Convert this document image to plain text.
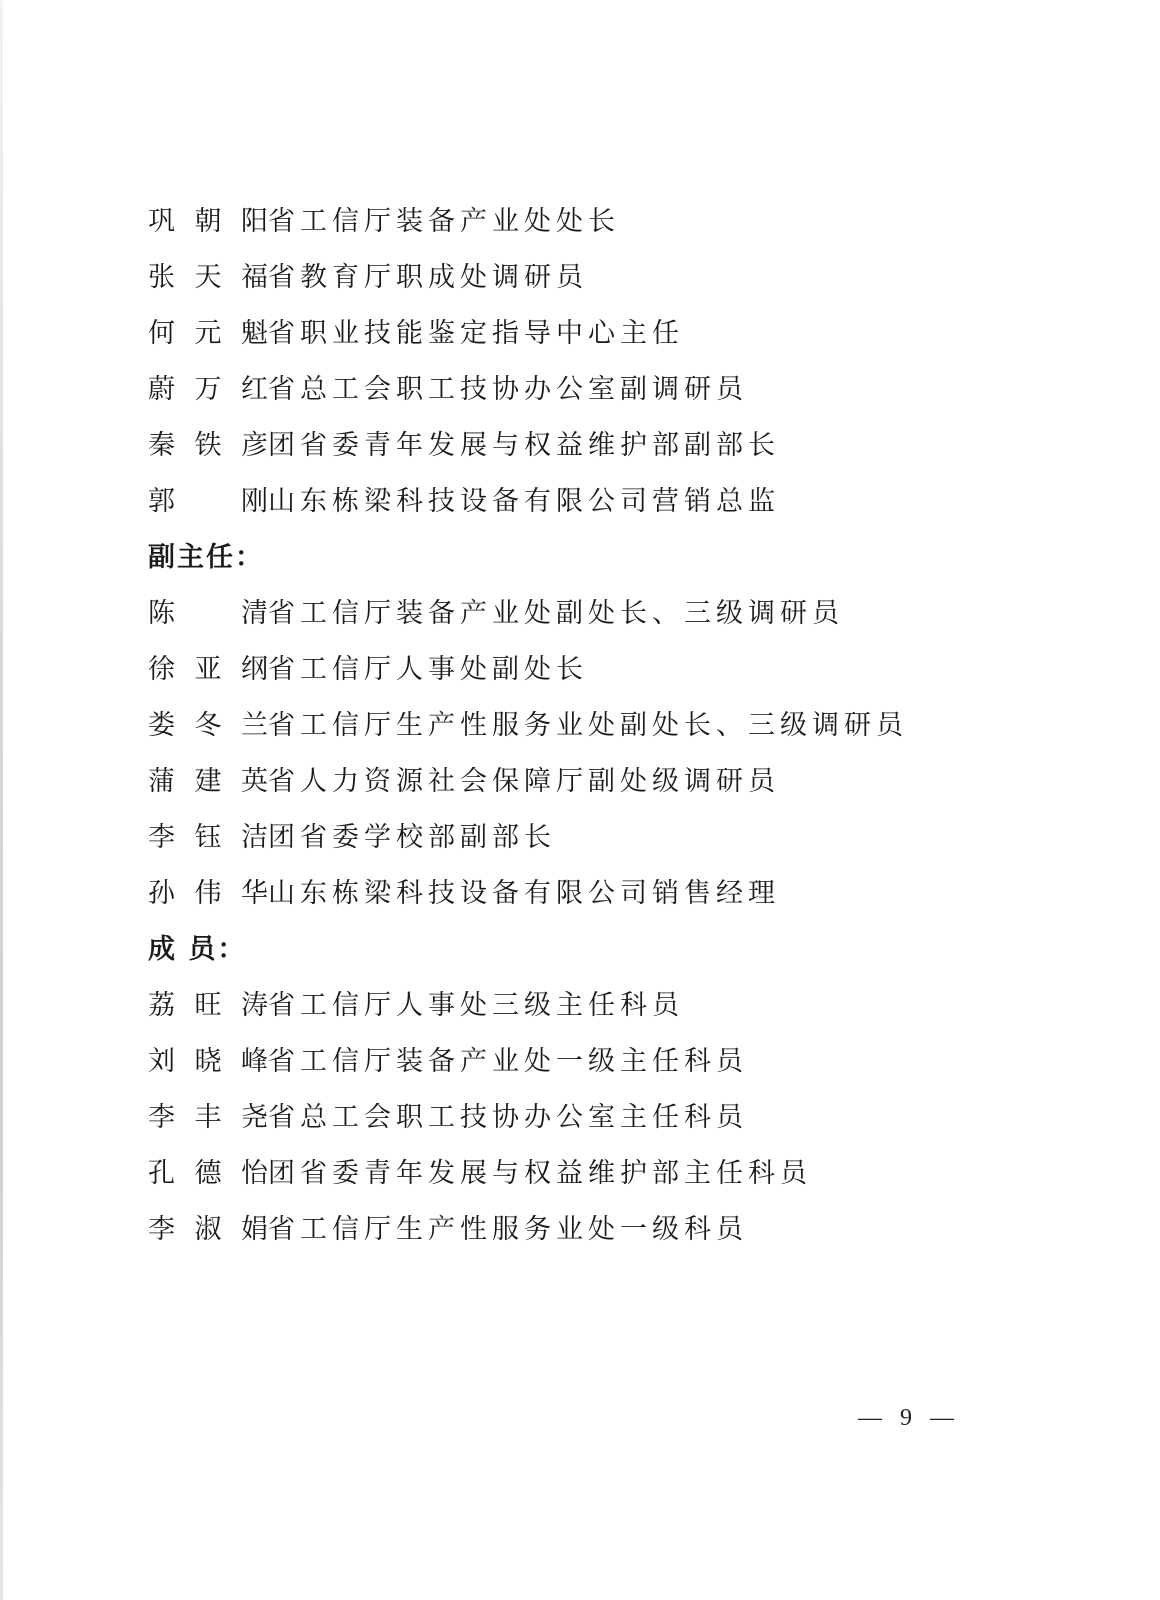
巩 朝 阳 省工信厅装备产业处处长
张 天 福 省教育厅职成处调研员
何 元 魁 省职业技能鉴定指导中心主任
蔚 万 红 省总工会职工技协办公室副调研员
秦 铁 彦 团省委青年发展与权益维护部副部长
郭 刚 山东栋梁科技设备有限公司营销总监
副主任：
陈 清 省工信厅装备产业处副处长、三级调研员
徐 亚 纲 省工信厅人事处副处长
娄 冬 兰 省工信厅生产性服务业处副处长、三级调研员
蒲 建 英 省人力资源社会保障厅副处级调研员
李 钰 洁 团省委学校部副部长
孙 伟 华 山东栋梁科技设备有限公司销售经理
成 员：
荔 旺 涛 省工信厅人事处三级主任科员
刘 晓 峰 省工信厅装备产业处一级主任科员
李 丰 尧 省总工会职工技协办公室主任科员
孔 德 怡 团省委青年发展与权益维护部主任科员
李 淑 娟 省工信厅生产性服务业处一级科员
— 9 —
